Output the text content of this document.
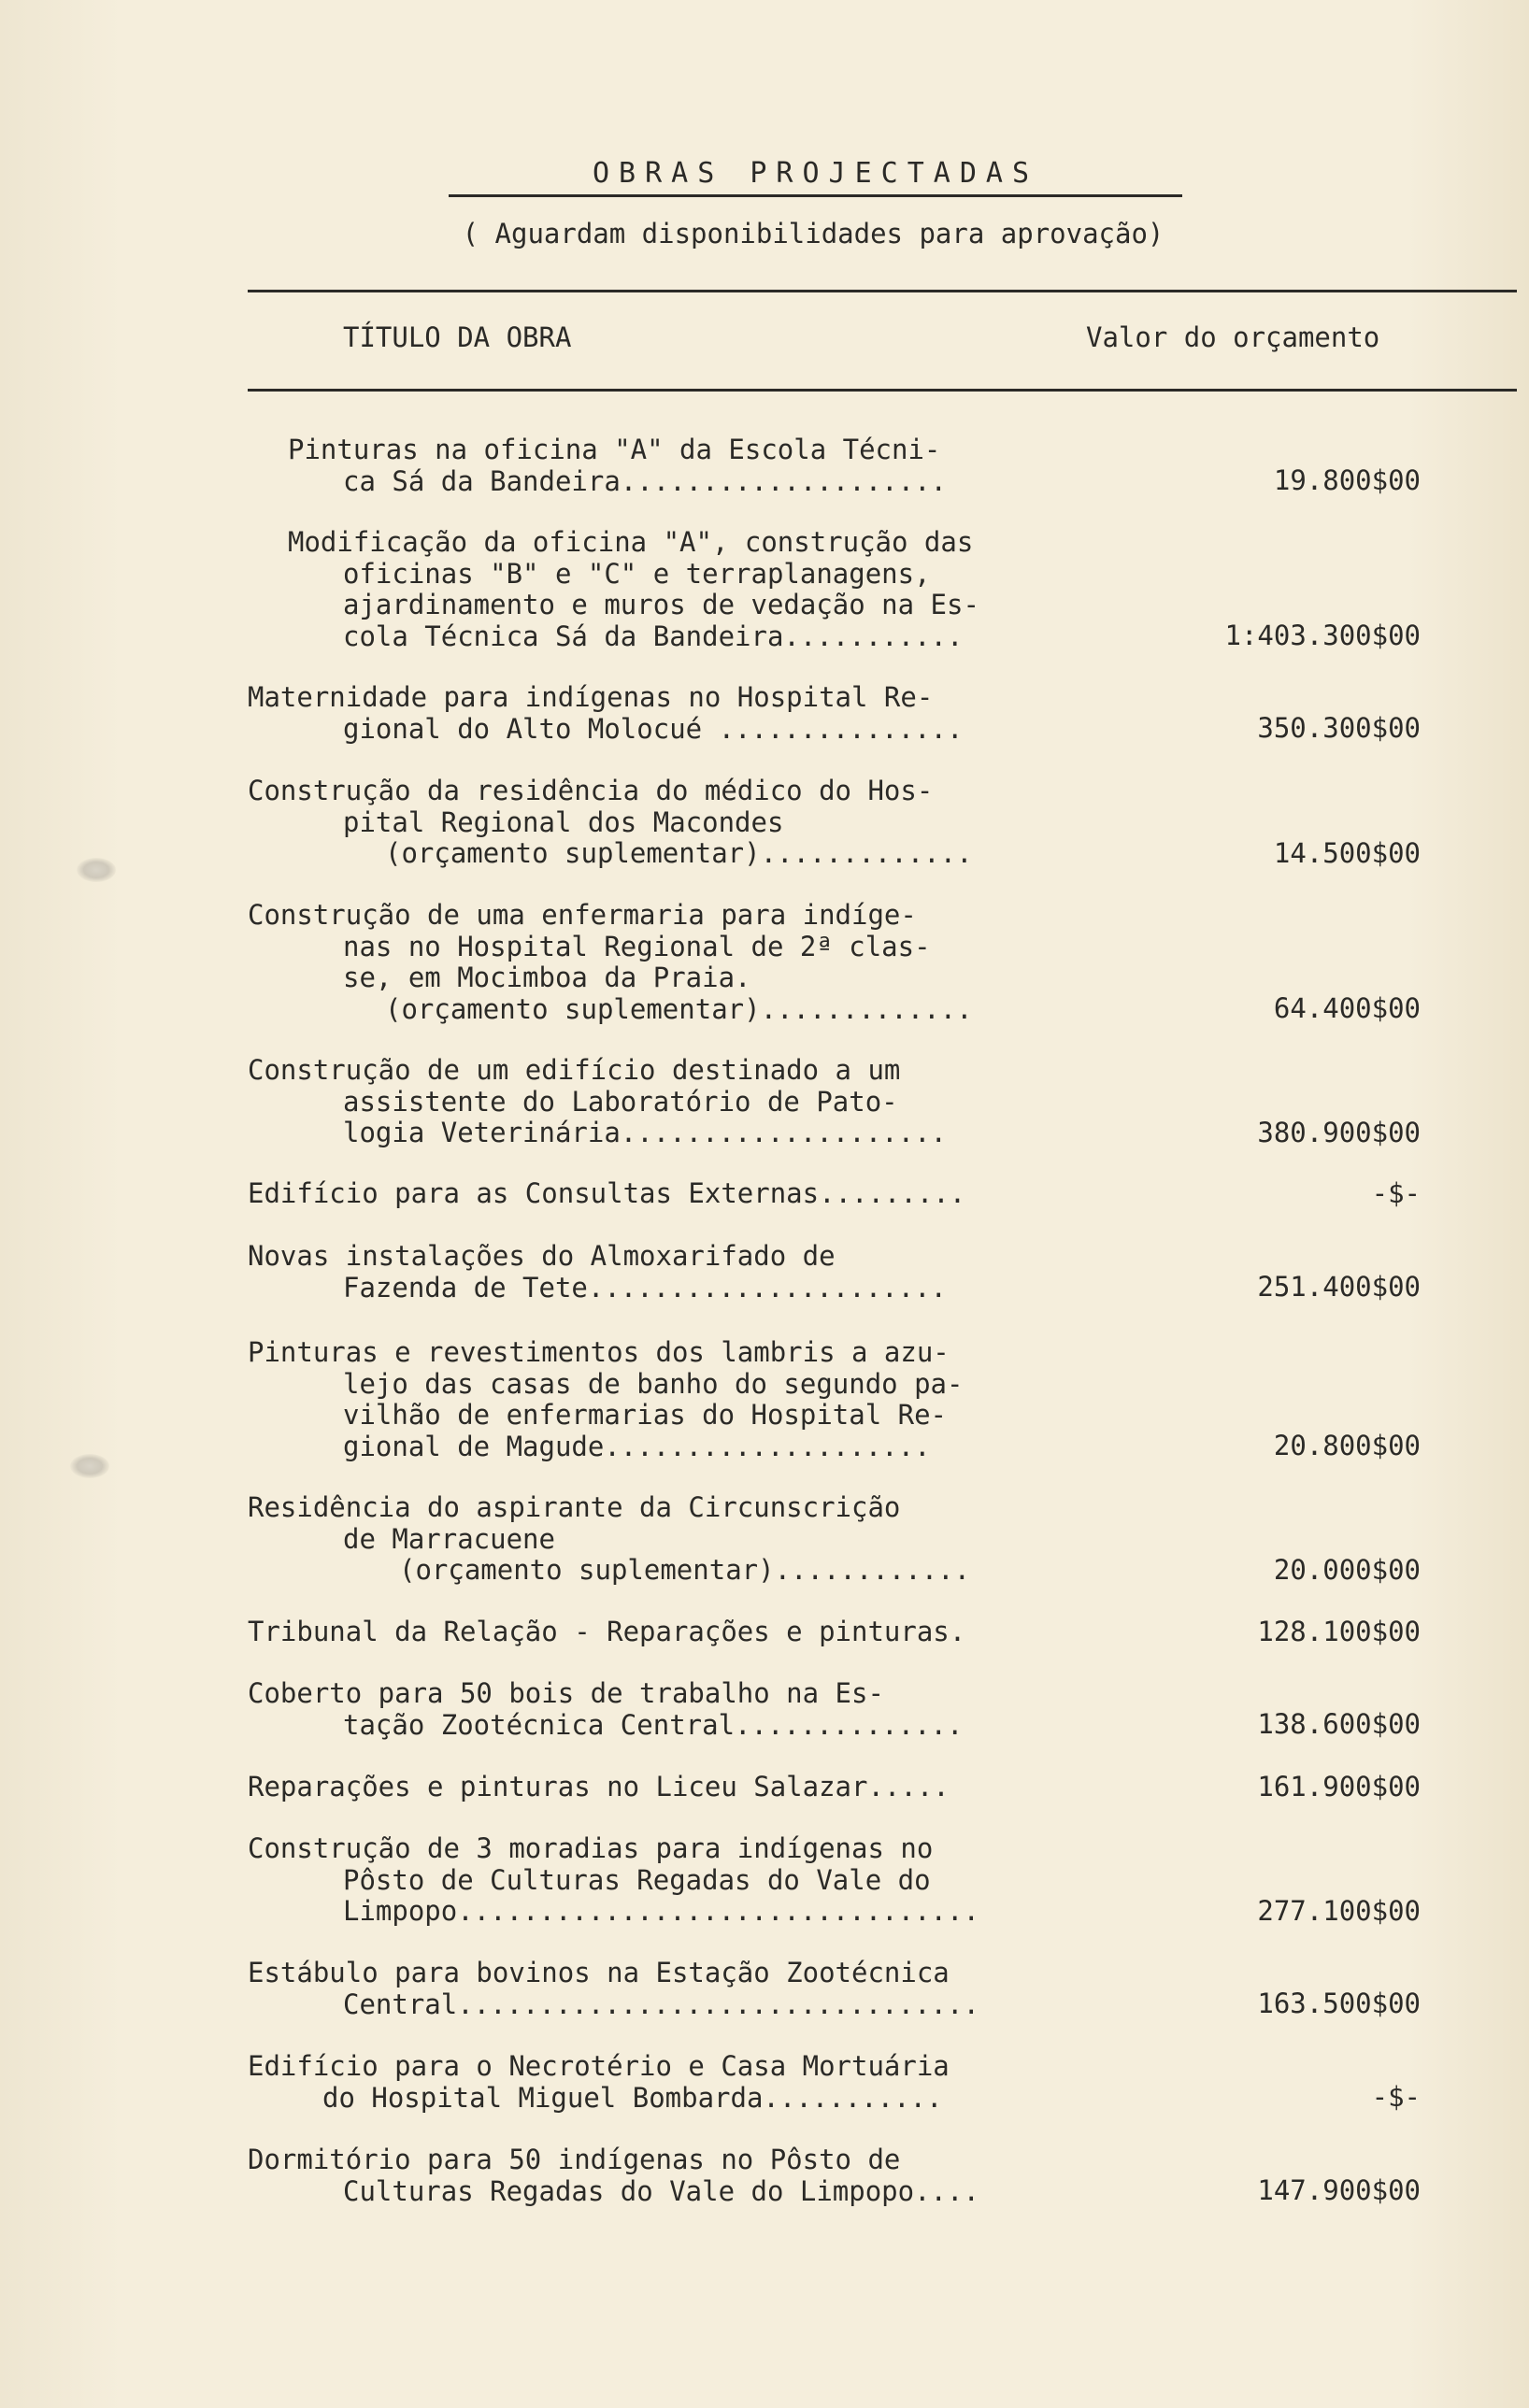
OBRAS PROJECTADAS
( Aguardam disponibilidades para aprovação)
TÍTULO DA OBRA	Valor do orçamento
Pinturas na oficina "A" da Escola Técni-
ca Sá da Bandeira....................	19.800$00
Modificação da oficina "A", construção das
oficinas "B" e "C" e terraplanagens,
ajardinamento e muros de vedação na Es-
cola Técnica Sá da Bandeira...........	1:403.300$00
Maternidade para indígenas no Hospital Re-
gional do Alto Molocué ...............	350.300$00
Construção da residência do médico do Hos-
pital Regional dos Macondes
(orçamento suplementar).............	14.500$00
Construção de uma enfermaria para indíge-
nas no Hospital Regional de 2ª clas-
se, em Mocimboa da Praia.
(orçamento suplementar).............	64.400$00
Construção de um edifício destinado a um
assistente do Laboratório de Pato-
logia Veterinária....................	380.900$00
Edifício para as Consultas Externas.........	-$-
Novas instalações do Almoxarifado de
Fazenda de Tete......................	251.400$00
Pinturas e revestimentos dos lambris a azu-
lejo das casas de banho do segundo pa-
vilhão de enfermarias do Hospital Re-
gional de Magude....................	20.800$00
Residência do aspirante da Circunscrição
de Marracuene
(orçamento suplementar)............	20.000$00
Tribunal da Relação - Reparações e pinturas.	128.100$00
Coberto para 50 bois de trabalho na Es-
tação Zootécnica Central..............	138.600$00
Reparações e pinturas no Liceu Salazar.....	161.900$00
Construção de 3 moradias para indígenas no
Pôsto de Culturas Regadas do Vale do
Limpopo................................	277.100$00
Estábulo para bovinos na Estação Zootécnica
Central................................	163.500$00
Edifício para o Necrotério e Casa Mortuária
do Hospital Miguel Bombarda...........	-$-
Dormitório para 50 indígenas no Pôsto de
Culturas Regadas do Vale do Limpopo....	147.900$00
